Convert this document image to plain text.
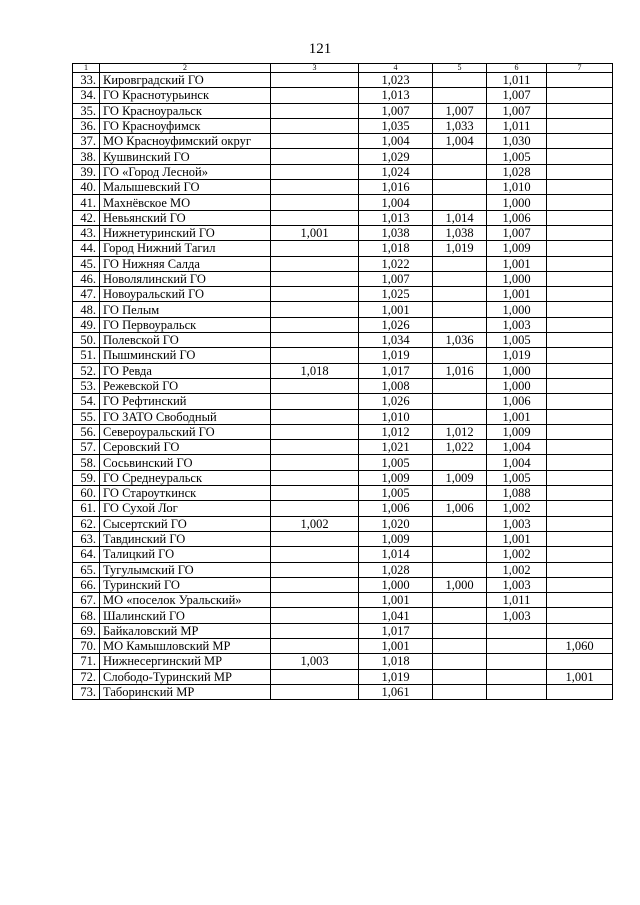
121
1	2	3	4	5	6	7
33.	Кировградский ГО		1,023		1,011	
34.	ГО Краснотурьинск		1,013		1,007	
35.	ГО Красноуральск		1,007	1,007	1,007	
36.	ГО Красноуфимск		1,035	1,033	1,011	
37.	МО Красноуфимский округ		1,004	1,004	1,030	
38.	Кушвинский ГО		1,029		1,005	
39.	ГО «Город Лесной»		1,024		1,028	
40.	Малышевский ГО		1,016		1,010	
41.	Махнёвское МО		1,004		1,000	
42.	Невьянский ГО		1,013	1,014	1,006	
43.	Нижнетуринский ГО	1,001	1,038	1,038	1,007	
44.	Город Нижний Тагил		1,018	1,019	1,009	
45.	ГО Нижняя Салда		1,022		1,001	
46.	Новолялинский ГО		1,007		1,000	
47.	Новоуральский ГО		1,025		1,001	
48.	ГО Пелым		1,001		1,000	
49.	ГО Первоуральск		1,026		1,003	
50.	Полевской ГО		1,034	1,036	1,005	
51.	Пышминский ГО		1,019		1,019	
52.	ГО Ревда	1,018	1,017	1,016	1,000	
53.	Режевской ГО		1,008		1,000	
54.	ГО Рефтинский		1,026		1,006	
55.	ГО ЗАТО Свободный		1,010		1,001	
56.	Североуральский ГО		1,012	1,012	1,009	
57.	Серовский ГО		1,021	1,022	1,004	
58.	Сосьвинский ГО		1,005		1,004	
59.	ГО Среднеуральск		1,009	1,009	1,005	
60.	ГО Староуткинск		1,005		1,088	
61.	ГО Сухой Лог		1,006	1,006	1,002	
62.	Сысертский ГО	1,002	1,020		1,003	
63.	Тавдинский ГО		1,009		1,001	
64.	Талицкий ГО		1,014		1,002	
65.	Тугулымский ГО		1,028		1,002	
66.	Туринский ГО		1,000	1,000	1,003	
67.	МО «поселок Уральский»		1,001		1,011	
68.	Шалинский ГО		1,041		1,003	
69.	Байкаловский МР		1,017			
70.	МО Камышловский МР		1,001			1,060
71.	Нижнесергинский МР	1,003	1,018			
72.	Слободо-Туринский МР		1,019			1,001
73.	Таборинский МР		1,061			
